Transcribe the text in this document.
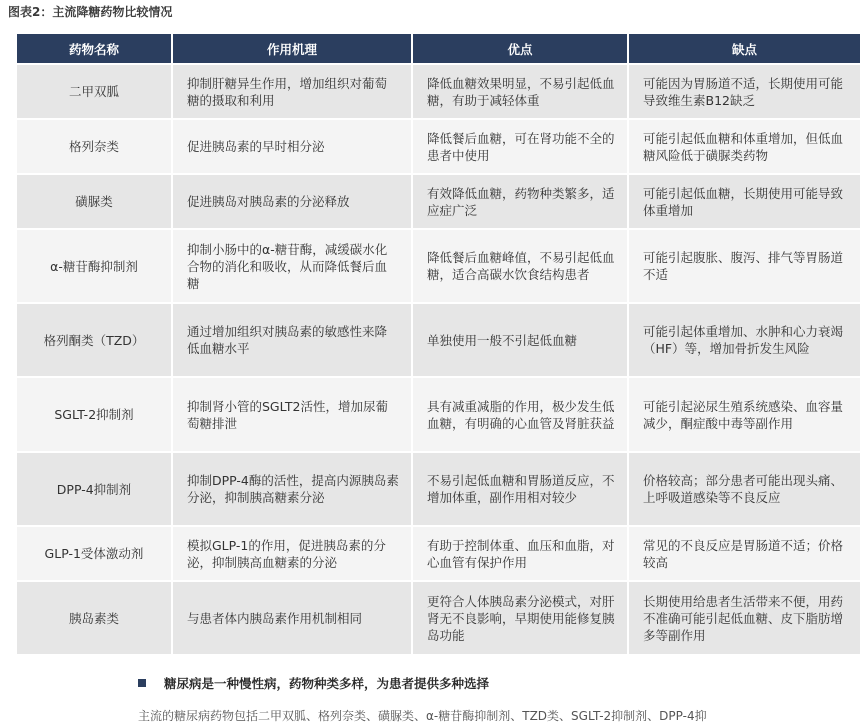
图表2：主流降糖药物比较情况
药物名称	作用机理	优点	缺点
二甲双胍	抑制肝糖异生作用，增加组织对葡萄糖的摄取和利用	降低血糖效果明显，不易引起低血糖，有助于减轻体重	可能因为胃肠道不适，长期使用可能导致维生素B12缺乏
格列奈类	促进胰岛素的早时相分泌	降低餐后血糖，可在肾功能不全的患者中使用	可能引起低血糖和体重增加，但低血糖风险低于磺脲类药物
磺脲类	促进胰岛对胰岛素的分泌释放	有效降低血糖，药物种类繁多，适应症广泛	可能引起低血糖，长期使用可能导致体重增加
α-糖苷酶抑制剂	抑制小肠中的α-糖苷酶，减缓碳水化合物的消化和吸收，从而降低餐后血糖	降低餐后血糖峰值，不易引起低血糖，适合高碳水饮食结构患者	可能引起腹胀、腹泻、排气等胃肠道不适
格列酮类（TZD）	通过增加组织对胰岛素的敏感性来降低血糖水平	单独使用一般不引起低血糖	可能引起体重增加、水肿和心力衰竭（HF）等，增加骨折发生风险
SGLT-2抑制剂	抑制肾小管的SGLT2活性，增加尿葡萄糖排泄	具有减重减脂的作用，极少发生低血糖，有明确的心血管及肾脏获益	可能引起泌尿生殖系统感染、血容量减少，酮症酸中毒等副作用
DPP-4抑制剂	抑制DPP-4酶的活性，提高内源胰岛素分泌，抑制胰高糖素分泌	不易引起低血糖和胃肠道反应，不增加体重，副作用相对较少	价格较高；部分患者可能出现头痛、上呼吸道感染等不良反应
GLP-1受体激动剂	模拟GLP-1的作用，促进胰岛素的分泌，抑制胰高血糖素的分泌	有助于控制体重、血压和血脂，对心血管有保护作用	常见的不良反应是胃肠道不适；价格较高
胰岛素类	与患者体内胰岛素作用机制相同	更符合人体胰岛素分泌模式，对肝肾无不良影响，早期使用能修复胰岛功能	长期使用给患者生活带来不便，用药不准确可能引起低血糖、皮下脂肪增多等副作用
糖尿病是一种慢性病，药物种类多样，为患者提供多种选择
主流的糖尿病药物包括二甲双胍、格列奈类、磺脲类、α-糖苷酶抑制剂、TZD类、SGLT-2抑制剂、DPP-4抑
